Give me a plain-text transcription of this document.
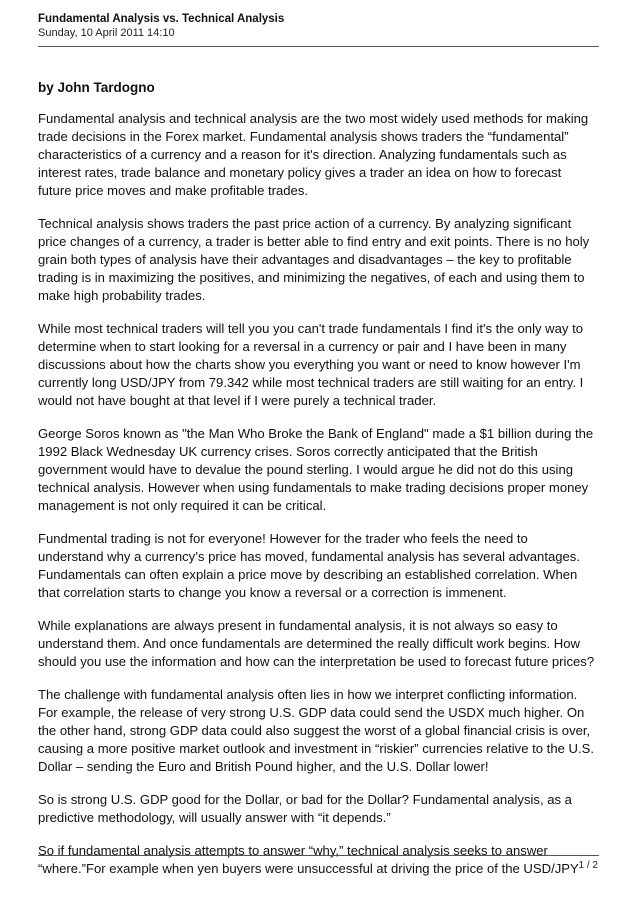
Fundamental Analysis vs. Technical Analysis
Sunday, 10 April 2011 14:10
by John Tardogno
Fundamental analysis and technical analysis are the two most widely used methods for making
trade decisions in the Forex market. Fundamental analysis shows traders the “fundamental”
characteristics of a currency and a reason for it's direction. Analyzing fundamentals such as
interest rates, trade balance and monetary policy gives a trader an idea on how to forecast
future price moves and make profitable trades.
Technical analysis shows traders the past price action of a currency. By analyzing significant
price changes of a currency, a trader is better able to find entry and exit points. There is no holy
grain both types of analysis have their advantages and disadvantages – the key to profitable
trading is in maximizing the positives, and minimizing the negatives, of each and using them to
make high probability trades.
While most technical traders will tell you you can't trade fundamentals I find it's the only way to
determine when to start looking for a reversal in a currency or pair and I have been in many
discussions about how the charts show you everything you want or need to know however I'm
currently long USD/JPY from 79.342 while most technical traders are still waiting for an entry. I
would not have bought at that level if I were purely a technical trader.
George Soros known as "the Man Who Broke the Bank of England" made a $1 billion during the
1992 Black Wednesday UK currency crises. Soros correctly anticipated that the British
government would have to devalue the pound sterling. I would argue he did not do this using
technical analysis. However when using fundamentals to make trading decisions proper money
management is not only required it can be critical.
Fundmental trading is not for everyone! However for the trader who feels the need to
understand why a currency’s price has moved, fundamental analysis has several advantages.
Fundamentals can often explain a price move by describing an established correlation. When
that correlation starts to change you know a reversal or a correction is immenent.
While explanations are always present in fundamental analysis, it is not always so easy to
understand them. And once fundamentals are determined the really difficult work begins. How
should you use the information and how can the interpretation be used to forecast future prices?
The challenge with fundamental analysis often lies in how we interpret conflicting information.
For example, the release of very strong U.S. GDP data could send the USDX much higher. On
the other hand, strong GDP data could also suggest the worst of a global financial crisis is over,
causing a more positive market outlook and investment in “riskier” currencies relative to the U.S.
Dollar – sending the Euro and British Pound higher, and the U.S. Dollar lower!
So is strong U.S. GDP good for the Dollar, or bad for the Dollar? Fundamental analysis, as a
predictive methodology, will usually answer with “it depends.”
So if fundamental analysis attempts to answer “why,” technical analysis seeks to answer
“where.”For example when yen buyers were unsuccessful at driving the price of the USD/JPY 1 / 2
